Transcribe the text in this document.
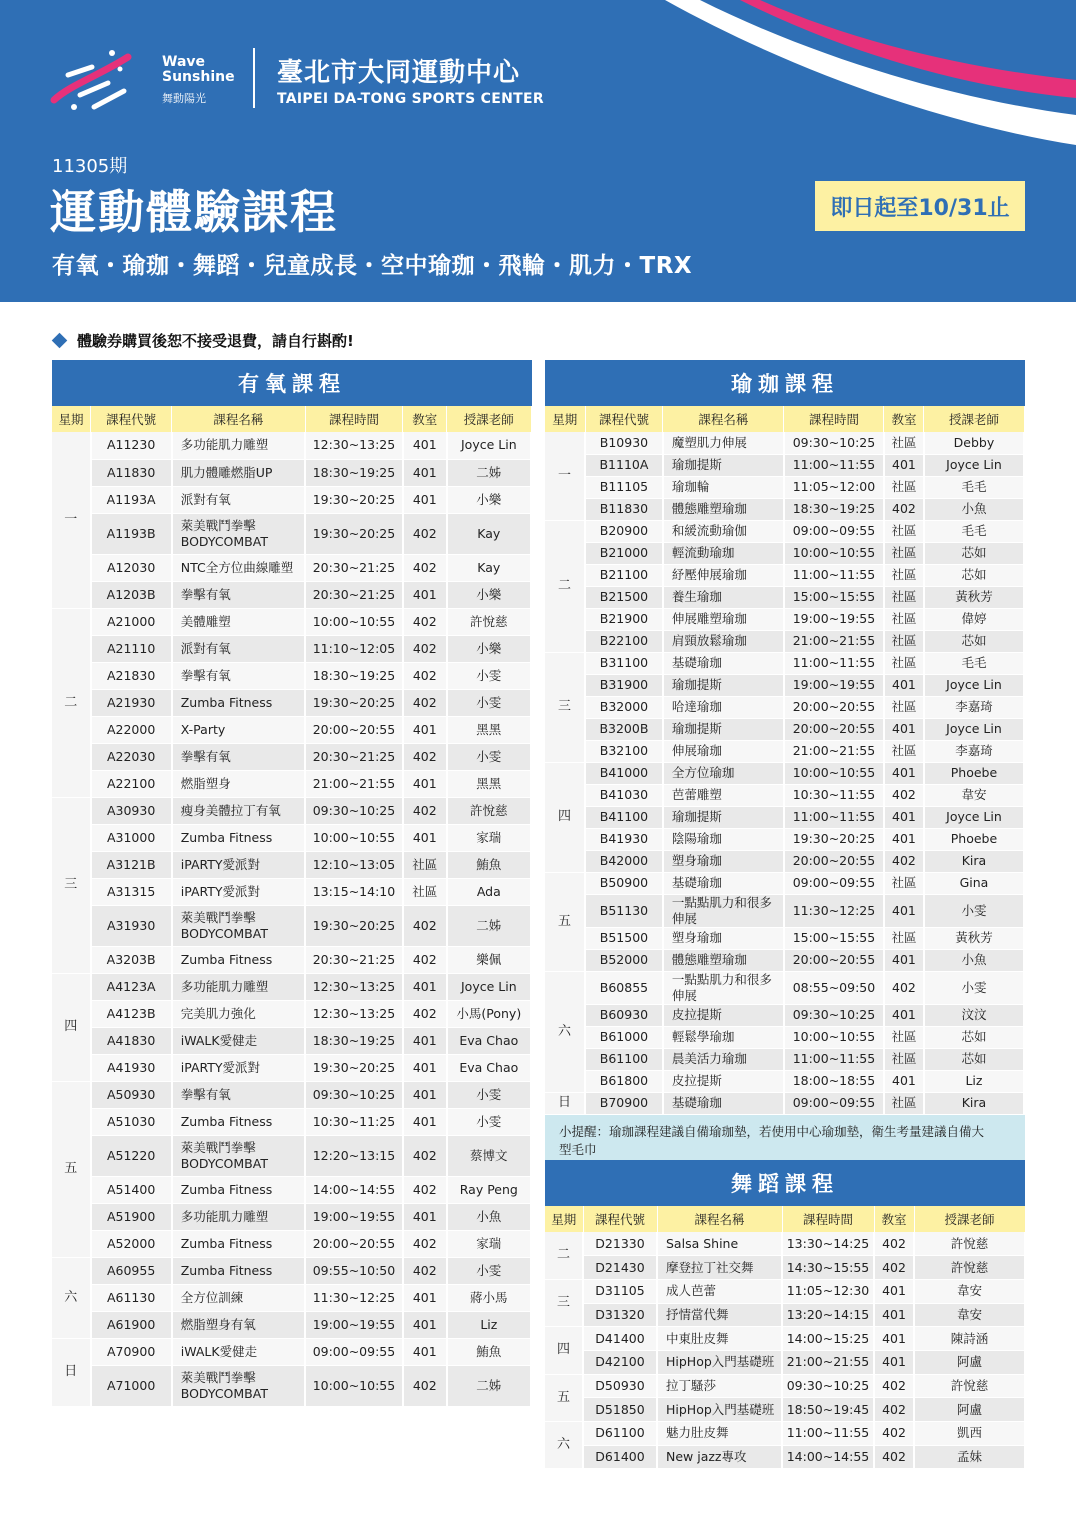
Wave
Sunshine
舞動陽光
臺北市大同運動中心
TAIPEI DA-TONG SPORTS CENTER
11305期
運動體驗課程
有氧・瑜珈・舞蹈・兒童成長・空中瑜珈・飛輪・肌力・TRX
即日起至10/31止
體驗券購買後恕不接受退費，請自行斟酌!
有氧課程
星期	課程代號	課程名稱	課程時間	教室	授課老師
一	A11230	多功能肌力雕塑	12:30~13:25	401	Joyce Lin
	A11830	肌力體雕燃脂UP	18:30~19:25	401	二姊
	A1193A	派對有氧	19:30~20:25	401	小樂
	A1193B	萊美戰鬥拳擊
BODYCOMBAT	19:30~20:25	402	Kay
	A12030	NTC全方位曲線雕塑	20:30~21:25	402	Kay
	A1203B	拳擊有氧	20:30~21:25	401	小樂
二	A21000	美體雕塑	10:00~10:55	402	許悅慈
	A21110	派對有氧	11:10~12:05	402	小樂
	A21830	拳擊有氧	18:30~19:25	402	小雯
	A21930	Zumba Fitness	19:30~20:25	402	小雯
	A22000	X-Party	20:00~20:55	401	黑黑
	A22030	拳擊有氧	20:30~21:25	402	小雯
	A22100	燃脂塑身	21:00~21:55	401	黑黑
三	A30930	瘦身美體拉丁有氧	09:30~10:25	402	許悅慈
	A31000	Zumba Fitness	10:00~10:55	401	家瑞
	A3121B	iPARTY愛派對	12:10~13:05	社區	鮪魚
	A31315	iPARTY愛派對	13:15~14:10	社區	Ada
	A31930	萊美戰鬥拳擊
BODYCOMBAT	19:30~20:25	402	二姊
	A3203B	Zumba Fitness	20:30~21:25	402	樂佩
四	A4123A	多功能肌力雕塑	12:30~13:25	401	Joyce Lin
	A4123B	完美肌力強化	12:30~13:25	402	小馬(Pony)
	A41830	iWALK愛健走	18:30~19:25	401	Eva Chao
	A41930	iPARTY愛派對	19:30~20:25	401	Eva Chao
五	A50930	拳擊有氧	09:30~10:25	401	小雯
	A51030	Zumba Fitness	10:30~11:25	401	小雯
	A51220	萊美戰鬥拳擊
BODYCOMBAT	12:20~13:15	402	蔡博文
	A51400	Zumba Fitness	14:00~14:55	402	Ray Peng
	A51900	多功能肌力雕塑	19:00~19:55	401	小魚
	A52000	Zumba Fitness	20:00~20:55	402	家瑞
六	A60955	Zumba Fitness	09:55~10:50	402	小雯
	A61130	全方位訓練	11:30~12:25	401	蔣小馬
	A61900	燃脂塑身有氧	19:00~19:55	401	Liz
日	A70900	iWALK愛健走	09:00~09:55	401	鮪魚
	A71000	萊美戰鬥拳擊
BODYCOMBAT	10:00~10:55	402	二姊
瑜珈課程
星期	課程代號	課程名稱	課程時間	教室	授課老師
一	B10930	魔塑肌力伸展	09:30~10:25	社區	Debby
	B1110A	瑜珈提斯	11:00~11:55	401	Joyce Lin
	B11105	瑜珈輪	11:05~12:00	社區	毛毛
	B11830	體態雕塑瑜珈	18:30~19:25	402	小魚
二	B20900	和緩流動瑜伽	09:00~09:55	社區	毛毛
	B21000	輕流動瑜珈	10:00~10:55	社區	芯如
	B21100	紓壓伸展瑜珈	11:00~11:55	社區	芯如
	B21500	養生瑜珈	15:00~15:55	社區	黃秋芳
	B21900	伸展雕塑瑜珈	19:00~19:55	社區	偉婷
	B22100	肩頸放鬆瑜珈	21:00~21:55	社區	芯如
三	B31100	基礎瑜珈	11:00~11:55	社區	毛毛
	B31900	瑜珈提斯	19:00~19:55	401	Joyce Lin
	B32000	哈達瑜珈	20:00~20:55	社區	李嘉琦
	B3200B	瑜珈提斯	20:00~20:55	401	Joyce Lin
	B32100	伸展瑜珈	21:00~21:55	社區	李嘉琦
四	B41000	全方位瑜珈	10:00~10:55	401	Phoebe
	B41030	芭蕾雕塑	10:30~11:55	402	韋安
	B41100	瑜珈提斯	11:00~11:55	401	Joyce Lin
	B41930	陰陽瑜珈	19:30~20:25	401	Phoebe
	B42000	塑身瑜珈	20:00~20:55	402	Kira
五	B50900	基礎瑜珈	09:00~09:55	社區	Gina
	B51130	一點點肌力和很多伸展	11:30~12:25	401	小雯
	B51500	塑身瑜珈	15:00~15:55	社區	黃秋芳
	B52000	體態雕塑瑜珈	20:00~20:55	401	小魚
六	B60855	一點點肌力和很多伸展	08:55~09:50	402	小雯
	B60930	皮拉提斯	09:30~10:25	401	汶汶
	B61000	輕鬆學瑜珈	10:00~10:55	社區	芯如
	B61100	晨美活力瑜珈	11:00~11:55	社區	芯如
	B61800	皮拉提斯	18:00~18:55	401	Liz
日	B70900	基礎瑜珈	09:00~09:55	社區	Kira
小提醒：瑜珈課程建議自備瑜珈墊，若使用中心瑜珈墊，衛生考量建議自備大
型毛巾
舞蹈課程
星期	課程代號	課程名稱	課程時間	教室	授課老師
二	D21330	Salsa Shine	13:30~14:25	402	許悅慈
	D21430	摩登拉丁社交舞	14:30~15:55	402	許悅慈
三	D31105	成人芭蕾	11:05~12:30	401	韋安
	D31320	抒情當代舞	13:20~14:15	401	韋安
四	D41400	中東肚皮舞	14:00~15:25	401	陳詩涵
	D42100	HipHop入門基礎班	21:00~21:55	401	阿盧
五	D50930	拉丁騷莎	09:30~10:25	402	許悅慈
	D51850	HipHop入門基礎班	18:50~19:45	402	阿盧
六	D61100	魅力肚皮舞	11:00~11:55	402	凱西
	D61400	New jazz專攻	14:00~14:55	402	孟妹
